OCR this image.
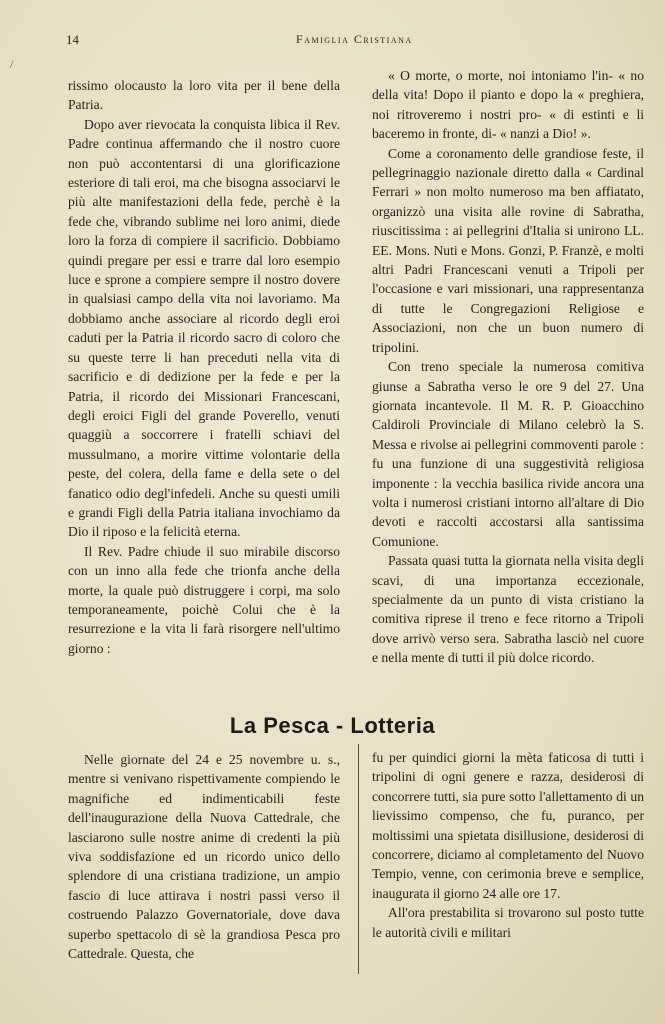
/
14	Famiglia Cristiana

rissimo olocausto la loro vita per il bene della Patria.

Dopo aver rievocata la conquista libica il Rev. Padre continua affermando che il nostro cuore non può accontentarsi di una glorificazione esteriore di tali eroi, ma che bisogna associarvi le più alte manifestazioni della fede, perchè è la fede che, vibrando sublime nei loro animi, diede loro la forza di compiere il sacrificio. Dobbiamo quindi pregare per essi e trarre dal loro esempio luce e sprone a compiere sempre il nostro dovere in qualsiasi campo della vita noi lavoriamo. Ma dobbiamo anche associare al ricordo degli eroi caduti per la Patria il ricordo sacro di coloro che su queste terre li han preceduti nella vita di sacrificio e di dedizione per la fede e per la Patria, il ricordo dei Missionari Francescani, degli eroici Figli del grande Poverello, venuti quaggiù a soccorrere i fratelli schiavi del mussulmano, a morire vittime volontarie della peste, del colera, della fame e della sete o del fanatico odio degl'infedeli. Anche su questi umili e grandi Figli della Patria italiana invochiamo da Dio il riposo e la felicità eterna.

Il Rev. Padre chiude il suo mirabile discorso con un inno alla fede che trionfa anche della morte, la quale può distruggere i corpi, ma solo temporaneamente, poichè Colui che è la resurrezione e la vita li farà risorgere nell'ultimo giorno :

« O morte, o morte, noi intoniamo l'in- « no della vita! Dopo il pianto e dopo la « preghiera, noi ritroveremo i nostri pro- « di estinti e li baceremo in fronte, di- « nanzi a Dio! ».

Come a coronamento delle grandiose feste, il pellegrinaggio nazionale diretto dalla « Cardinal Ferrari » non molto numeroso ma ben affiatato, organizzò una visita alle rovine di Sabratha, riuscitissima : ai pellegrini d'Italia si unirono LL. EE. Mons. Nuti e Mons. Gonzi, P. Franzè, e molti altri Padri Francescani venuti a Tripoli per l'occasione e vari missionari, una rappresentanza di tutte le Congregazioni Religiose e Associazioni, non che un buon numero di tripolini.

Con treno speciale la numerosa comitiva giunse a Sabratha verso le ore 9 del 27. Una giornata incantevole. Il M. R. P. Gioacchino Caldiroli Provinciale di Milano celebrò la S. Messa e rivolse ai pellegrini commoventi parole : fu una funzione di una suggestività religiosa imponente : la vecchia basilica rivide ancora una volta i numerosi cristiani intorno all'altare di Dio devoti e raccolti accostarsi alla santissima Comunione.

Passata quasi tutta la giornata nella visita degli scavi, di una importanza eccezionale, specialmente da un punto di vista cristiano la comitiva riprese il treno e fece ritorno a Tripoli dove arrivò verso sera. Sabratha lasciò nel cuore e nella mente di tutti il più dolce ricordo.

La Pesca - Lotteria

Nelle giornate del 24 e 25 novembre u. s., mentre si venivano rispettivamente compiendo le magnifiche ed indimenticabili feste dell'inaugurazione della Nuova Cattedrale, che lasciarono sulle nostre anime di credenti la più viva soddisfazione ed un ricordo unico dello splendore di una cristiana tradizione, un ampio fascio di luce attirava i nostri passi verso il costruendo Palazzo Governatoriale, dove dava superbo spettacolo di sè la grandiosa Pesca pro Cattedrale. Questa, che

fu per quindici giorni la mèta faticosa di tutti i tripolini di ogni genere e razza, desiderosi di concorrere tutti, sia pure sotto l'allettamento di un lievissimo compenso, che fu, puranco, per moltissimi una spietata disillusione, desiderosi di concorrere, diciamo al completamento del Nuovo Tempio, venne, con cerimonia breve e semplice, inaugurata il giorno 24 alle ore 17.

All'ora prestabilita si trovarono sul posto tutte le autorità civili e militari
